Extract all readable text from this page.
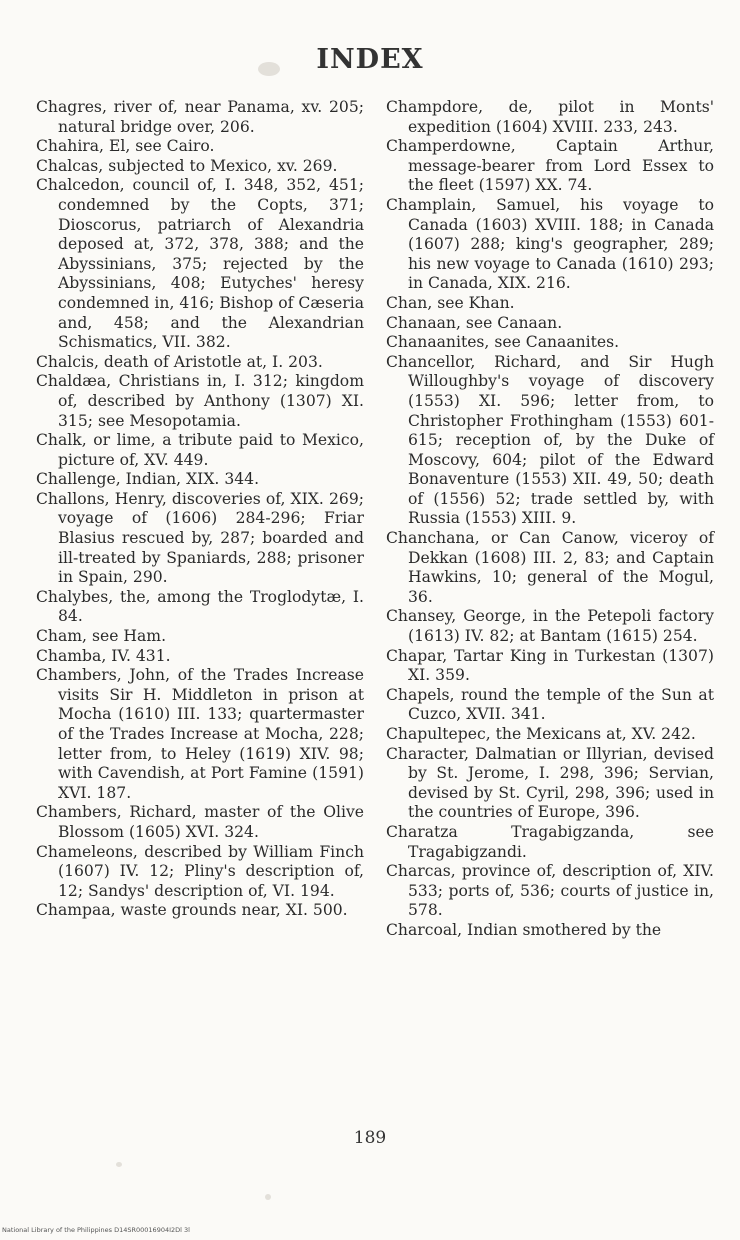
INDEX

Chagres, river of, near Panama, xv. 205; natural bridge over, 206.

Chahira, El, see Cairo.

Chalcas, subjected to Mexico, xv. 269.

Chalcedon, council of, I. 348, 352, 451; condemned by the Copts, 371; Dioscorus, patriarch of Alexandria deposed at, 372, 378, 388; and the Abyssinians, 375; rejected by the Abyssinians, 408; Eutyches' heresy condemned in, 416; Bishop of Cæseria and, 458; and the Alexandrian Schismatics, VII. 382.

Chalcis, death of Aristotle at, I. 203.

Chaldæa, Christians in, I. 312; kingdom of, described by Anthony (1307) XI. 315; see Mesopotamia.

Chalk, or lime, a tribute paid to Mexico, picture of, XV. 449.

Challenge, Indian, XIX. 344.

Challons, Henry, discoveries of, XIX. 269; voyage of (1606) 284-296; Friar Blasius rescued by, 287; boarded and ill-treated by Spaniards, 288; prisoner in Spain, 290.

Chalybes, the, among the Troglodytæ, I. 84.

Cham, see Ham.

Chamba, IV. 431.

Chambers, John, of the Trades Increase visits Sir H. Middleton in prison at Mocha (1610) III. 133; quartermaster of the Trades Increase at Mocha, 228; letter from, to Heley (1619) XIV. 98; with Cavendish, at Port Famine (1591) XVI. 187.

Chambers, Richard, master of the Olive Blossom (1605) XVI. 324.

Chameleons, described by William Finch (1607) IV. 12; Pliny's description of, 12; Sandys' description of, VI. 194.

Champaa, waste grounds near, XI. 500.

Champdore, de, pilot in Monts' expedition (1604) XVIII. 233, 243.

Champerdowne, Captain Arthur, message-bearer from Lord Essex to the fleet (1597) XX. 74.

Champlain, Samuel, his voyage to Canada (1603) XVIII. 188; in Canada (1607) 288; king's geographer, 289; his new voyage to Canada (1610) 293; in Canada, XIX. 216.

Chan, see Khan.

Chanaan, see Canaan.

Chanaanites, see Canaanites.

Chancellor, Richard, and Sir Hugh Willoughby's voyage of discovery (1553) XI. 596; letter from, to Christopher Frothingham (1553) 601-615; reception of, by the Duke of Moscovy, 604; pilot of the Edward Bonaventure (1553) XII. 49, 50; death of (1556) 52; trade settled by, with Russia (1553) XIII. 9.

Chanchana, or Can Canow, viceroy of Dekkan (1608) III. 2, 83; and Captain Hawkins, 10; general of the Mogul, 36.

Chansey, George, in the Petepoli factory (1613) IV. 82; at Bantam (1615) 254.

Chapar, Tartar King in Turkestan (1307) XI. 359.

Chapels, round the temple of the Sun at Cuzco, XVII. 341.

Chapultepec, the Mexicans at, XV. 242.

Character, Dalmatian or Illyrian, devised by St. Jerome, I. 298, 396; Servian, devised by St. Cyril, 298, 396; used in the countries of Europe, 396.

Charatza Tragabigzanda, see Tragabigzandi.

Charcas, province of, description of, XIV. 533; ports of, 536; courts of justice in, 578.

Charcoal, Indian smothered by the

189
National Library of the Philippines D14SR00016904I2Dl 3l
